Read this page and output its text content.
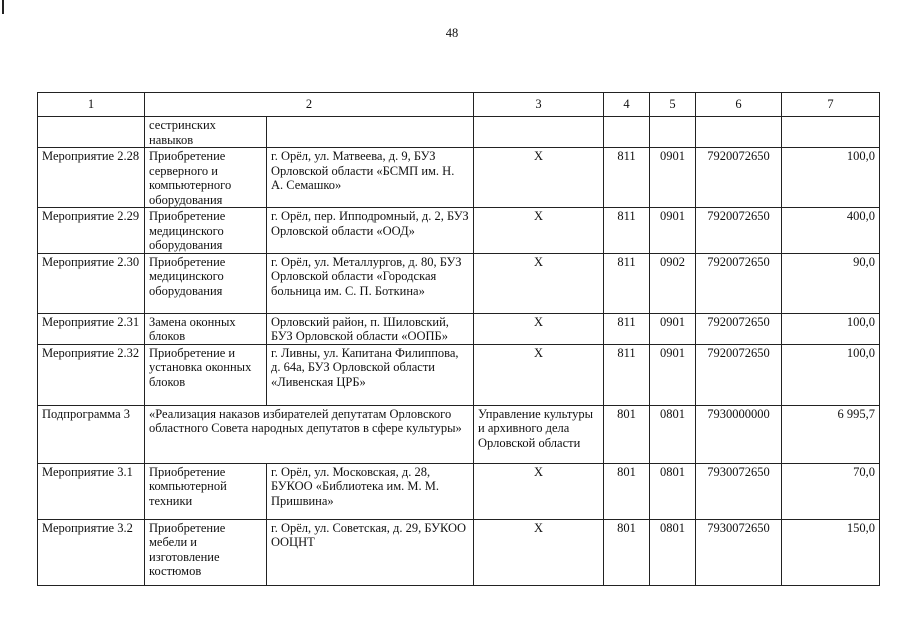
48
1	2		3	4	5	6	7
	сестринских навыков						
Мероприятие 2.28	Приобретение серверного и компьютерного оборудования	г. Орёл, ул. Матвеева, д. 9, БУЗ Орловской области «БСМП им. Н. А. Семашко»	X	811	0901	7920072650	100,0
Мероприятие 2.29	Приобретение медицинского оборудования	г. Орёл, пер. Ипподромный, д. 2, БУЗ Орловской области «ООД»	X	811	0901	7920072650	400,0
Мероприятие 2.30	Приобретение медицинского оборудования	г. Орёл, ул. Металлургов, д. 80, БУЗ Орловской области «Городская больница им. С. П. Боткина»	X	811	0902	7920072650	90,0
Мероприятие 2.31	Замена оконных блоков	Орловский район, п. Шиловский, БУЗ Орловской области «ООПБ»	X	811	0901	7920072650	100,0
Мероприятие 2.32	Приобретение и установка оконных блоков	г. Ливны, ул. Капитана Филиппова, д. 64а, БУЗ Орловской области «Ливенская ЦРБ»	X	811	0901	7920072650	100,0
Подпрограмма 3	«Реализация наказов избирателей депутатам Орловского областного Совета народных депутатов в сфере культуры»		Управление культуры и архивного дела Орловской области	801	0801	7930000000	6 995,7
Мероприятие 3.1	Приобретение компьютерной техники	г. Орёл, ул. Московская, д. 28, БУКОО «Библиотека им. М. М. Пришвина»	X	801	0801	7930072650	70,0
Мероприятие 3.2	Приобретение мебели и изготовление костюмов	г. Орёл, ул. Советская, д. 29, БУКОО ООЦНТ	X	801	0801	7930072650	150,0
